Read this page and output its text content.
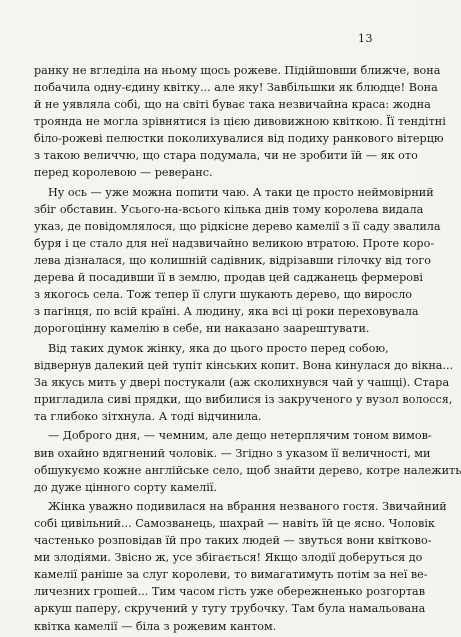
13
ранку не вгледіла на ньому щось рожеве. Підійшовши ближче, вона
побачила одну-єдину квітку... але яку! Завбільшки як блюдце! Вона
й не уявляла собі, що на світі буває така незвичайна краса: жодна
троянда не могла зрівнятися із цією дивовижною квіткою. Її тендітні
біло-рожеві пелюстки поколихувалися від подиху ранкового вітерцю
з такою величчю, що стара подумала, чи не зробити їй — як ото
перед королевою — реверанс.
Ну ось — уже можна попити чаю. А таки це просто неймовірний
збіг обставин. Усього-на-всього кілька днів тому королева видала
указ, де повідомлялося, що рідкісне дерево камелії з її саду звалила
буря і це стало для неї надзвичайно великою втратою. Проте коро-
лева дізналася, що колишній садівник, відрізавши гілочку від того
дерева й посадивши її в землю, продав цей саджанець фермерові
з якогось села. Тож тепер її слуги шукають дерево, що виросло
з пагінця, по всій країні. А людину, яка всі ці роки переховувала
дорогоцінну камелію в себе, ни наказано заарештувати.
Від таких думок жінку, яка до цього просто перед собою,
відвернув далекий цей тупіт кінських копит. Вона кинулася до вікна...
За якусь мить у двері постукали (аж сколихнувся чай у чашці). Стара
пригладила сиві прядки, що вибилися із закрученого у вузол волосся,
та глибоко зітхнула. А тоді відчинила.
— Доброго дня, — чемним, але дещо нетерплячим тоном вимов-
вив охайно вдягнений чоловік. — Згідно з указом її величності, ми
обшукуємо кожне англійське село, щоб знайти дерево, котре належить
до дуже цінного сорту камелії.
Жінка уважно подивилася на вбрання незваного гостя. Звичайний
собі цивільний... Самозванець, шахрай — навіть їй це ясно. Чоловік
частенько розповідав їй про таких людей — звуться вони квітково-
ми злодіями. Звісно ж, усе збігається! Якщо злодії доберуться до
камелії раніше за слуг королеви, то вимагатимуть потім за неї ве-
личезних грошей... Тим часом гість уже обережненько розгортав
аркуш паперу, скручений у тугу трубочку. Там була намальована
квітка камелії — біла з рожевим кантом.
